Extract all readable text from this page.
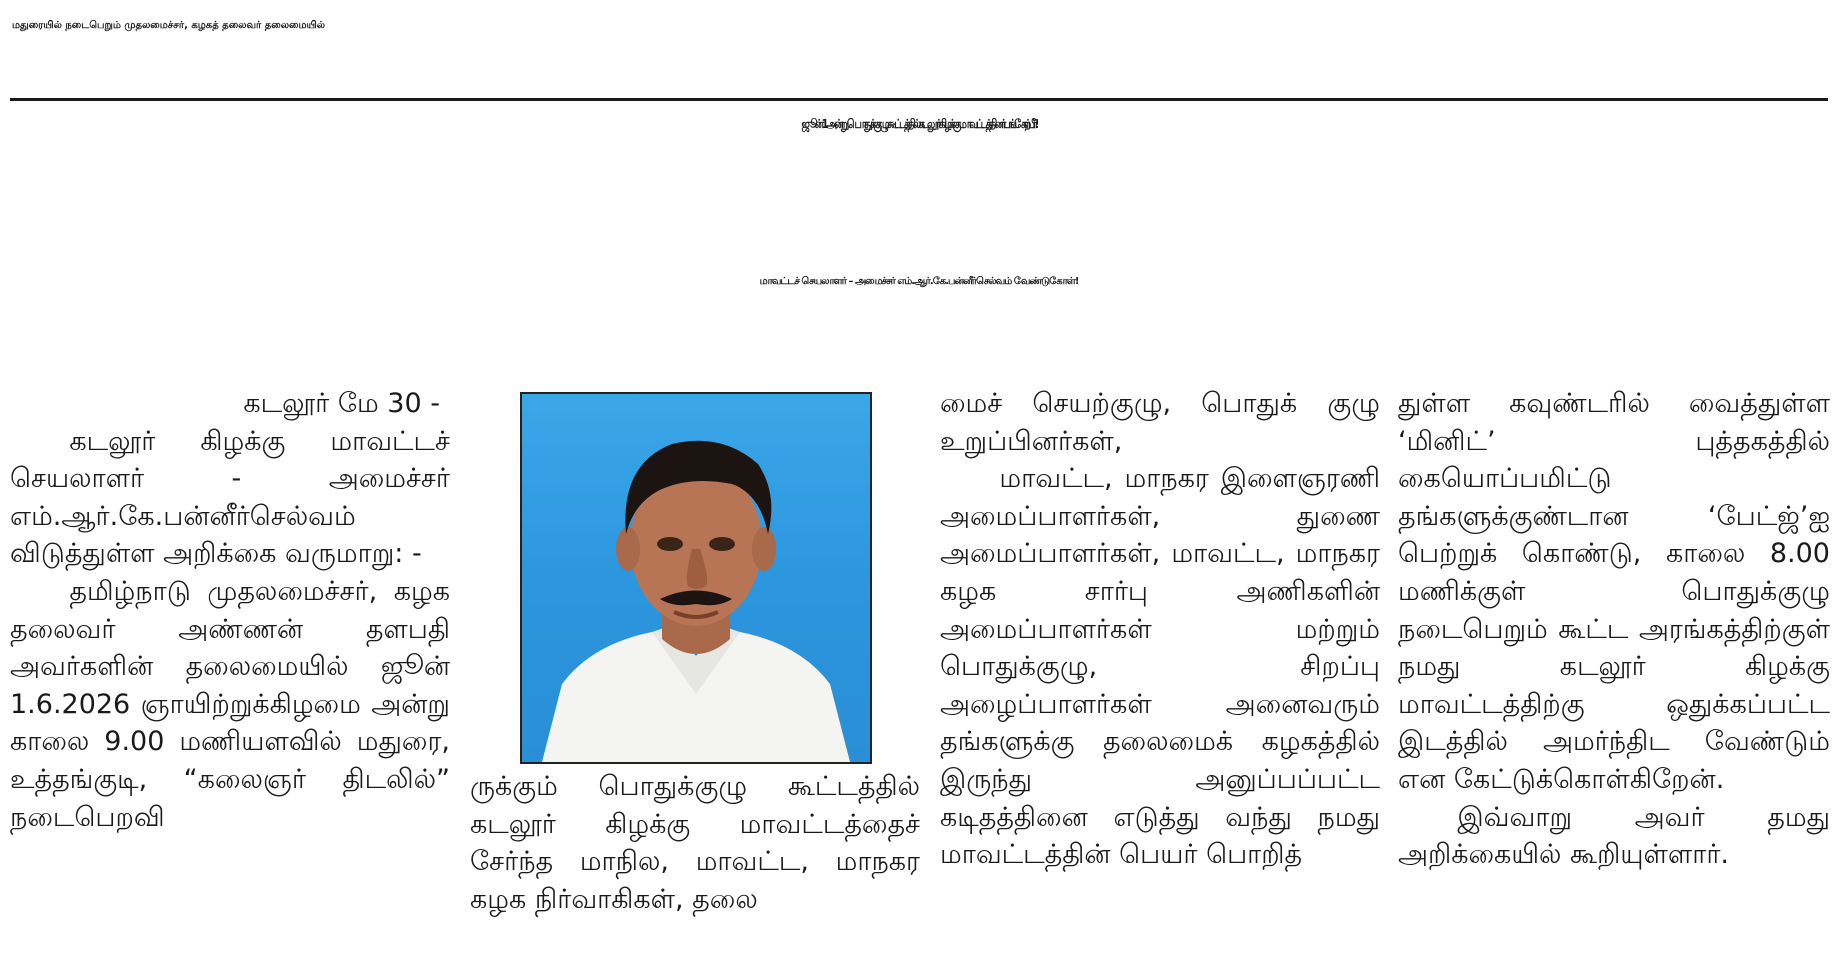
மதுரையில் நடைபெறும் முதலமைச்சர், கழகத் தலைவர் தலைமையில்
ஜூன் 1 அன்று பொதுக்குழு கூட்டத்தில் கடலூர் கிழக்கு மாவட்டத்தினர் பங்கேற்பீர்!
மாவட்டச் செயலாளர் – அமைச்சர் எம்.ஆர்.கே.பன்னீர்செல்வம் வேண்டுகோள்!
கடலூர் மே 30 -

கடலூர் கிழக்கு மாவட்டச் செயலாளர் - அமைச்சர் எம்.ஆர்.கே.பன்னீர்செல்வம் விடுத்துள்ள அறிக்கை வருமாறு: -

தமிழ்நாடு முதலமைச்சர், கழக தலைவர் அண்ணன் தளபதி அவர்களின் தலைமையில் ஜூன் 1.6.2026 ஞாயிற்றுக்கிழமை அன்று காலை 9.00 மணியளவில் மதுரை, உத்தங்குடி, “கலைஞர் திடலில்” நடைபெறவி

ருக்கும் பொதுக்குழு கூட்டத்தில் கடலூர் கிழக்கு மாவட்டத்தைச் சேர்ந்த மாநில, மாவட்ட, மாநகர கழக நிர்வாகிகள், தலை

மைச் செயற்குழு, பொதுக் குழு உறுப்பினர்கள்,

மாவட்ட, மாநகர இளைஞரணி அமைப்பாளர்கள், துணை அமைப்பாளர்கள், மாவட்ட, மாநகர கழக சார்பு அணிகளின் அமைப்பாளர்கள் மற்றும் பொதுக்குழு, சிறப்பு அழைப்பாளர்கள் அனைவரும் தங்களுக்கு தலைமைக் கழகத்தில் இருந்து அனுப்பப்பட்ட கடிதத்தினை எடுத்து வந்து நமது மாவட்டத்தின் பெயர் பொறித்

துள்ள கவுண்டரில் வைத்துள்ள ‘மினிட்’ புத்தகத்தில் கையொப்பமிட்டு தங்களுக்குண்டான ‘பேட்ஜ்’ஐ பெற்றுக் கொண்டு, காலை 8.00 மணிக்குள் பொதுக்குழு நடைபெறும் கூட்ட அரங்கத்திற்குள் நமது கடலூர் கிழக்கு மாவட்டத்திற்கு ஒதுக்கப்பட்ட இடத்தில் அமர்ந்திட வேண்டும் என கேட்டுக்கொள்கிறேன்.

இவ்வாறு அவர் தமது அறிக்கையில் கூறியுள்ளார்.
